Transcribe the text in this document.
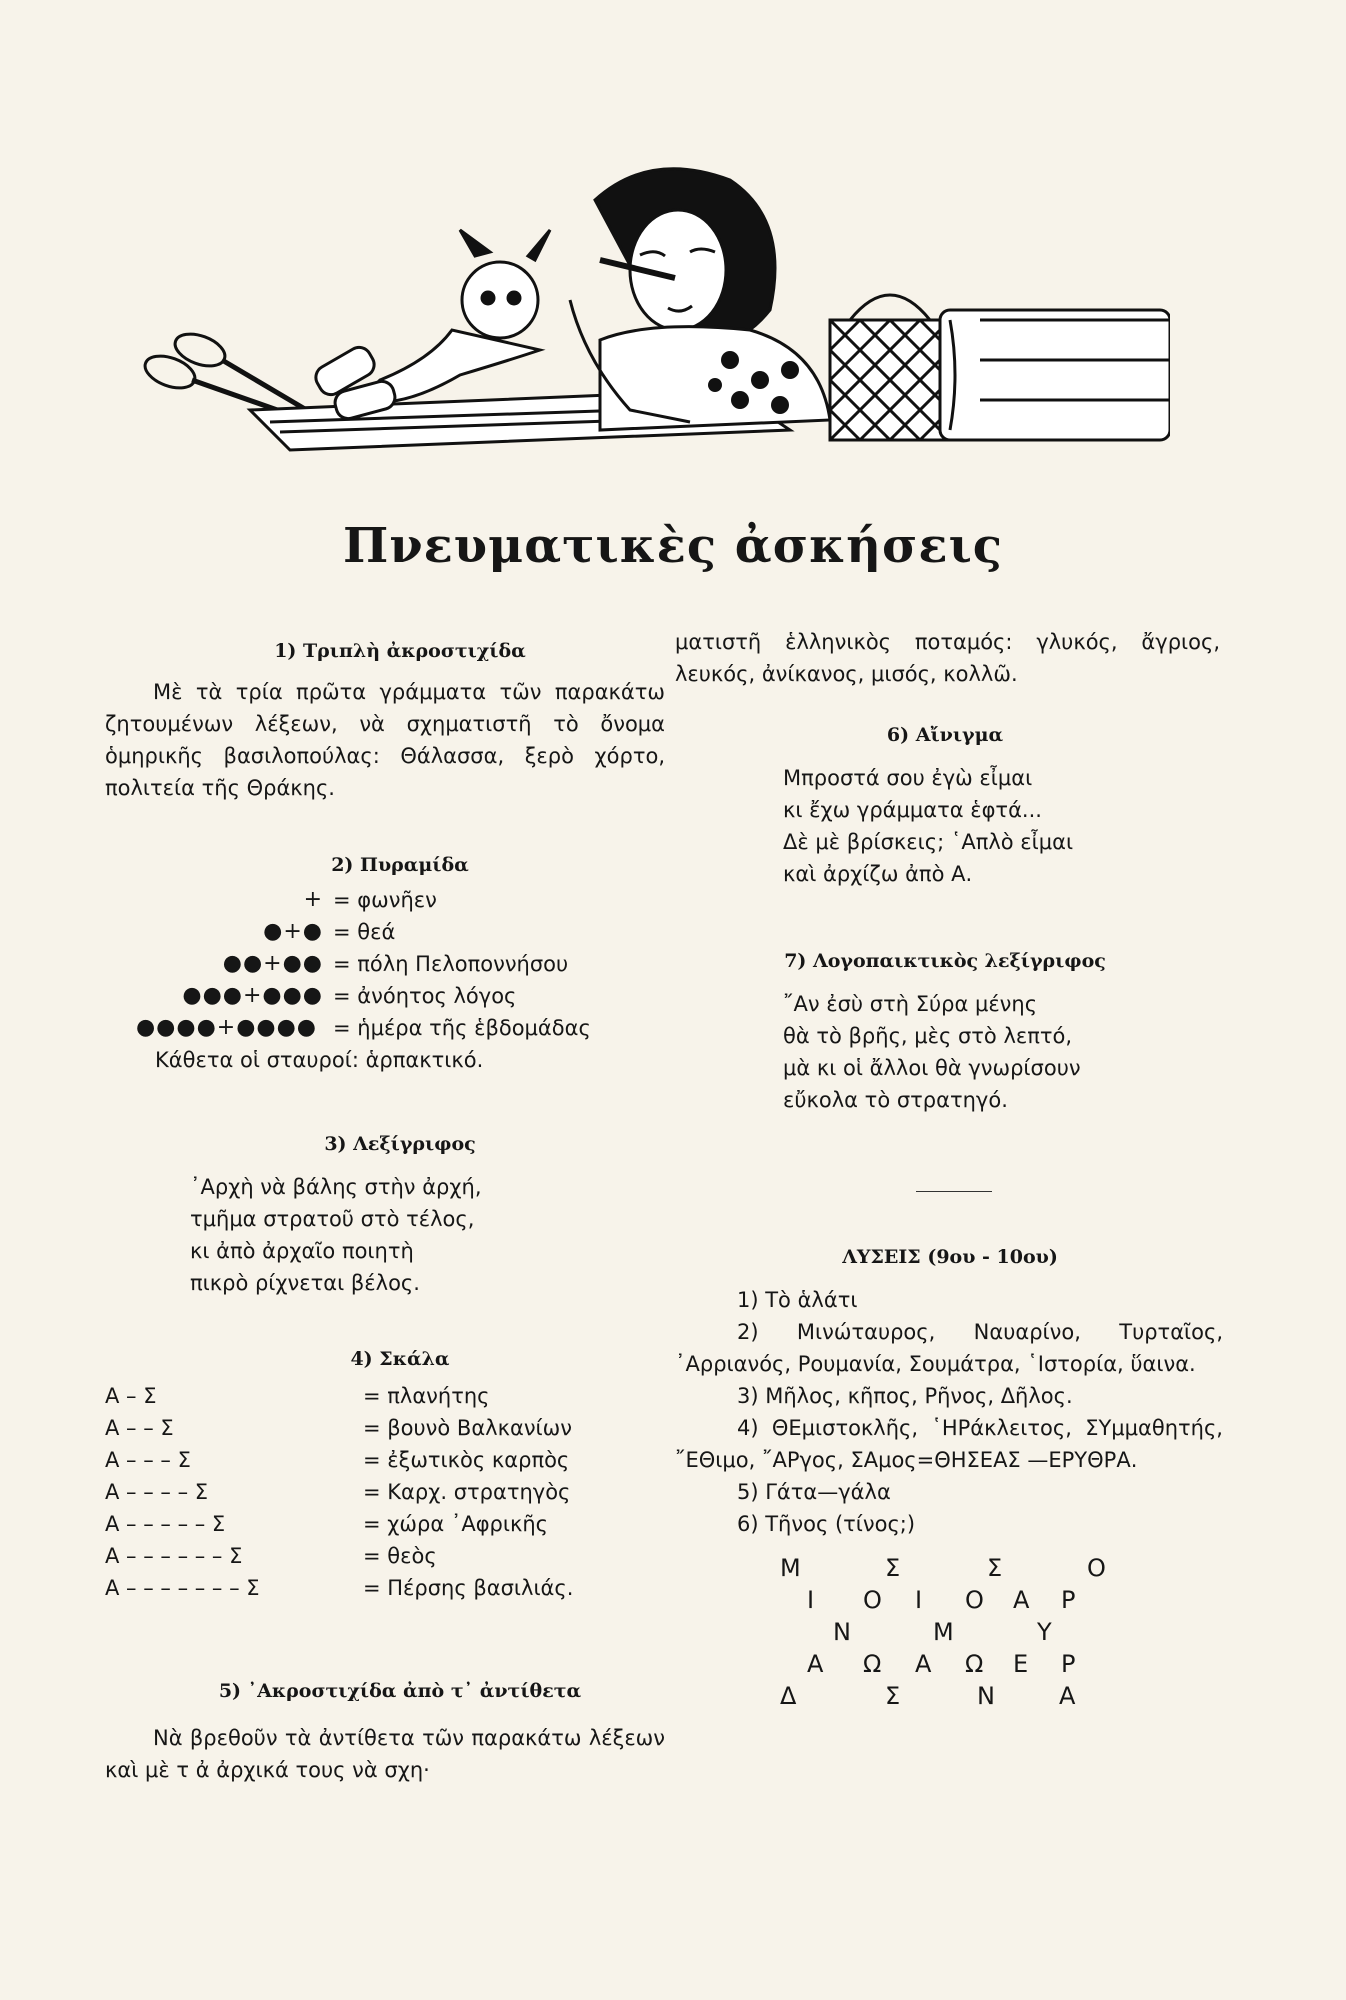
Πνευματικὲς ἀσκήσεις

1) Τριπλὴ ἀκροστιχίδα

Μὲ τὰ τρία πρῶτα γράμματα τῶν παρακάτω ζητουμένων λέξεων, νὰ σχηματιστῆ τὸ ὄνομα ὁμηρικῆς βασιλοπούλας: Θάλασσα, ξερὸ χόρτο, πολιτεία τῆς Θράκης.

2) Πυραμίδα

+ = φωνῆεν
●+● = θεά
●●+●● = πόλη Πελοποννήσου
●●●+●●● = ἀνόητος λόγος
●●●●+●●●● = ἡμέρα τῆς ἑβδομάδας

Κάθετα οἱ σταυροί: ἁρπακτικό.

3) Λεξίγριφος

᾿Αρχὴ νὰ βάλης στὴν ἀρχή,

τμῆμα στρατοῦ στὸ τέλος,

κι ἀπὸ ἀρχαῖο ποιητὴ

πικρὸ ρίχνεται βέλος.

4) Σκάλα

Α – Σ	= πλανήτης
Α – – Σ	= βουνὸ Βαλκανίων
Α – – – Σ	= ἐξωτικὸς καρπὸς
Α – – – – Σ	= Καρχ. στρατηγὸς
Α – – – – – Σ	= χώρα ᾿Αφρικῆς
Α – – – – – – Σ	= θεὸς
Α – – – – – – – Σ	= Πέρσης βασιλιάς.

5) ᾿Ακροστιχίδα ἀπὸ τ᾿ ἀντίθετα

Νὰ βρεθοῦν τὰ ἀντίθετα τῶν παρακάτω λέξεων καὶ μὲ τ ἀ ἀρχικά τους νὰ σχη·

ματιστῆ ἑλληνικὸς ποταμός: γλυκός, ἄγριος, λευκός, ἀνίκανος, μισός, κολλῶ.

6) Αἴνιγμα

Μπροστά σου ἐγὼ εἶμαι

κι ἔχω γράμματα ἑφτά...

Δὲ μὲ βρίσκεις; ῾Απλὸ εἶμαι

καὶ ἀρχίζω ἀπὸ Α.

7) Λογοπαικτικὸς λεξίγριφος

῎Αν ἐσὺ στὴ Σύρα μένης

θὰ τὸ βρῆς, μὲς στὸ λεπτό,

μὰ κι οἱ ἄλλοι θὰ γνωρίσουν

εὔκολα τὸ στρατηγό.

ΛΥΣΕΙΣ (9ου - 10ου)

1) Τὸ ἁλάτι

2) Μινώταυρος, Ναυαρίνο, Τυρταῖος, ᾿Αρριανός, Ρουμανία, Σουμάτρα, ῾Ιστορία, ὕαινα.

3) Μῆλος, κῆπος, Ρῆνος, Δῆλος.

4) ΘΕμιστοκλῆς, ῾ΗΡάκλειτος, ΣΥμμαθητής, ῎ΕΘιμο, ῎ΑΡγος, ΣΑμος=ΘΗΣΕΑΣ —ΕΡΥΘΡΑ.

5) Γάτα—γάλα

6) Τῆνος (τίνος;)

Μ	Σ	Σ	Ο
Ι Ο Ι Ο Α Ρ
Ν	Μ	Υ
Α Ω Α Ω Ε Ρ
Δ	Σ	Ν	Α
